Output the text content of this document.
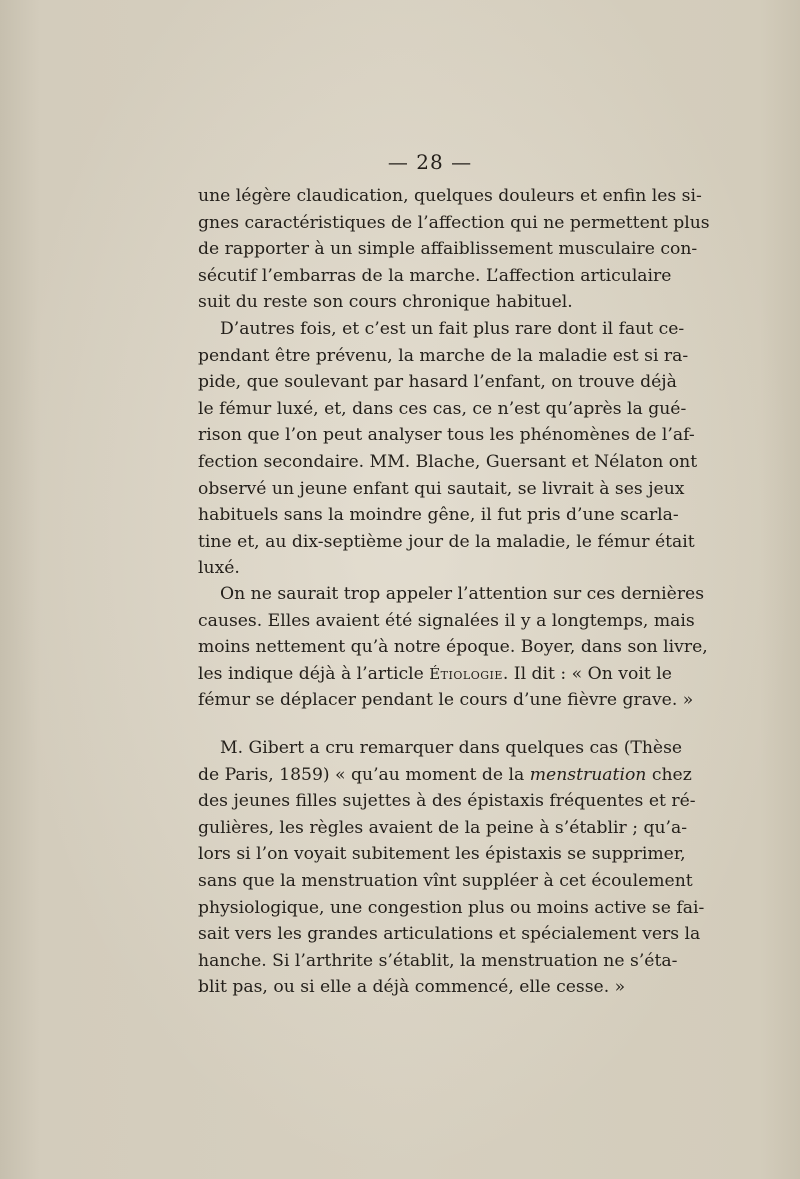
— 28 —

une légère claudication, quelques douleurs et enfin les si-
gnes caractéristiques de l’affection qui ne permettent plus
de rapporter à un simple affaiblissement musculaire con-
sécutif l’embarras de la marche. L’affection articulaire
suit du reste son cours chronique habituel.
D’autres fois, et c’est un fait plus rare dont il faut ce-
pendant être prévenu, la marche de la maladie est si ra-
pide, que soulevant par hasard l’enfant, on trouve déjà
le fémur luxé, et, dans ces cas, ce n’est qu’après la gué-
rison que l’on peut analyser tous les phénomènes de l’af-
fection secondaire. MM. Blache, Guersant et Nélaton ont
observé un jeune enfant qui sautait, se livrait à ses jeux
habituels sans la moindre gêne, il fut pris d’une scarla-
tine et, au dix-septième jour de la maladie, le fémur était
luxé.
On ne saurait trop appeler l’attention sur ces dernières
causes. Elles avaient été signalées il y a longtemps, mais
moins nettement qu’à notre époque. Boyer, dans son livre,
les indique déjà à l’article Étiologie. Il dit : « On voit le
fémur se déplacer pendant le cours d’une fièvre grave. »
M. Gibert a cru remarquer dans quelques cas (Thèse
de Paris, 1859) « qu’au moment de la menstruation chez
des jeunes filles sujettes à des épistaxis fréquentes et ré-
gulières, les règles avaient de la peine à s’établir ; qu’a-
lors si l’on voyait subitement les épistaxis se supprimer,
sans que la menstruation vînt suppléer à cet écoulement
physiologique, une congestion plus ou moins active se fai-
sait vers les grandes articulations et spécialement vers la
hanche. Si l’arthrite s’établit, la menstruation ne s’éta-
blit pas, ou si elle a déjà commencé, elle cesse. »
